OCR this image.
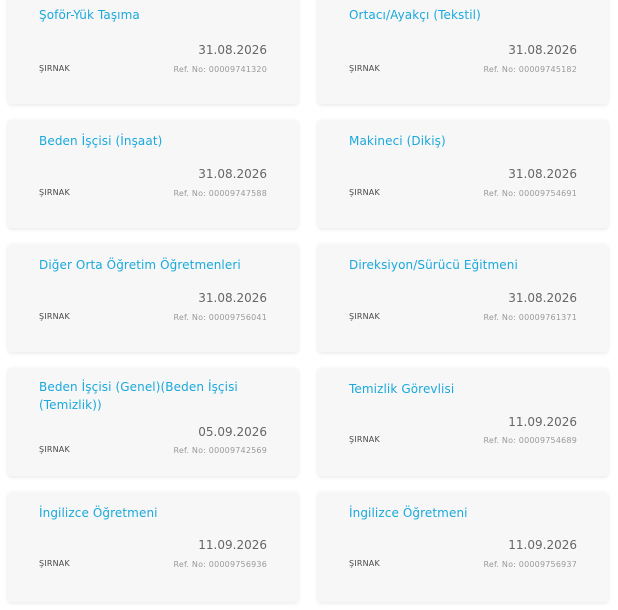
Şoför-Yük Taşıma
31.08.2026
ŞIRNAK	Ref. No: 00009741320
Ortacı/Ayakçı (Tekstil)
31.08.2026
ŞIRNAK	Ref. No: 00009745182
Beden İşçisi (İnşaat)
31.08.2026
ŞIRNAK	Ref. No: 00009747588
Makineci (Dikiş)
31.08.2026
ŞIRNAK	Ref. No: 00009754691
Diğer Orta Öğretim Öğretmenleri
31.08.2026
ŞIRNAK	Ref. No: 00009756041
Direksiyon/Sürücü Eğitmeni
31.08.2026
ŞIRNAK	Ref. No: 00009761371
Beden İşçisi (Genel)(Beden İşçisi (Temizlik))
05.09.2026
ŞIRNAK	Ref. No: 00009742569
Temizlik Görevlisi
11.09.2026
ŞIRNAK	Ref. No: 00009754689
İngilizce Öğretmeni
11.09.2026
ŞIRNAK	Ref. No: 00009756936
İngilizce Öğretmeni
11.09.2026
ŞIRNAK	Ref. No: 00009756937
